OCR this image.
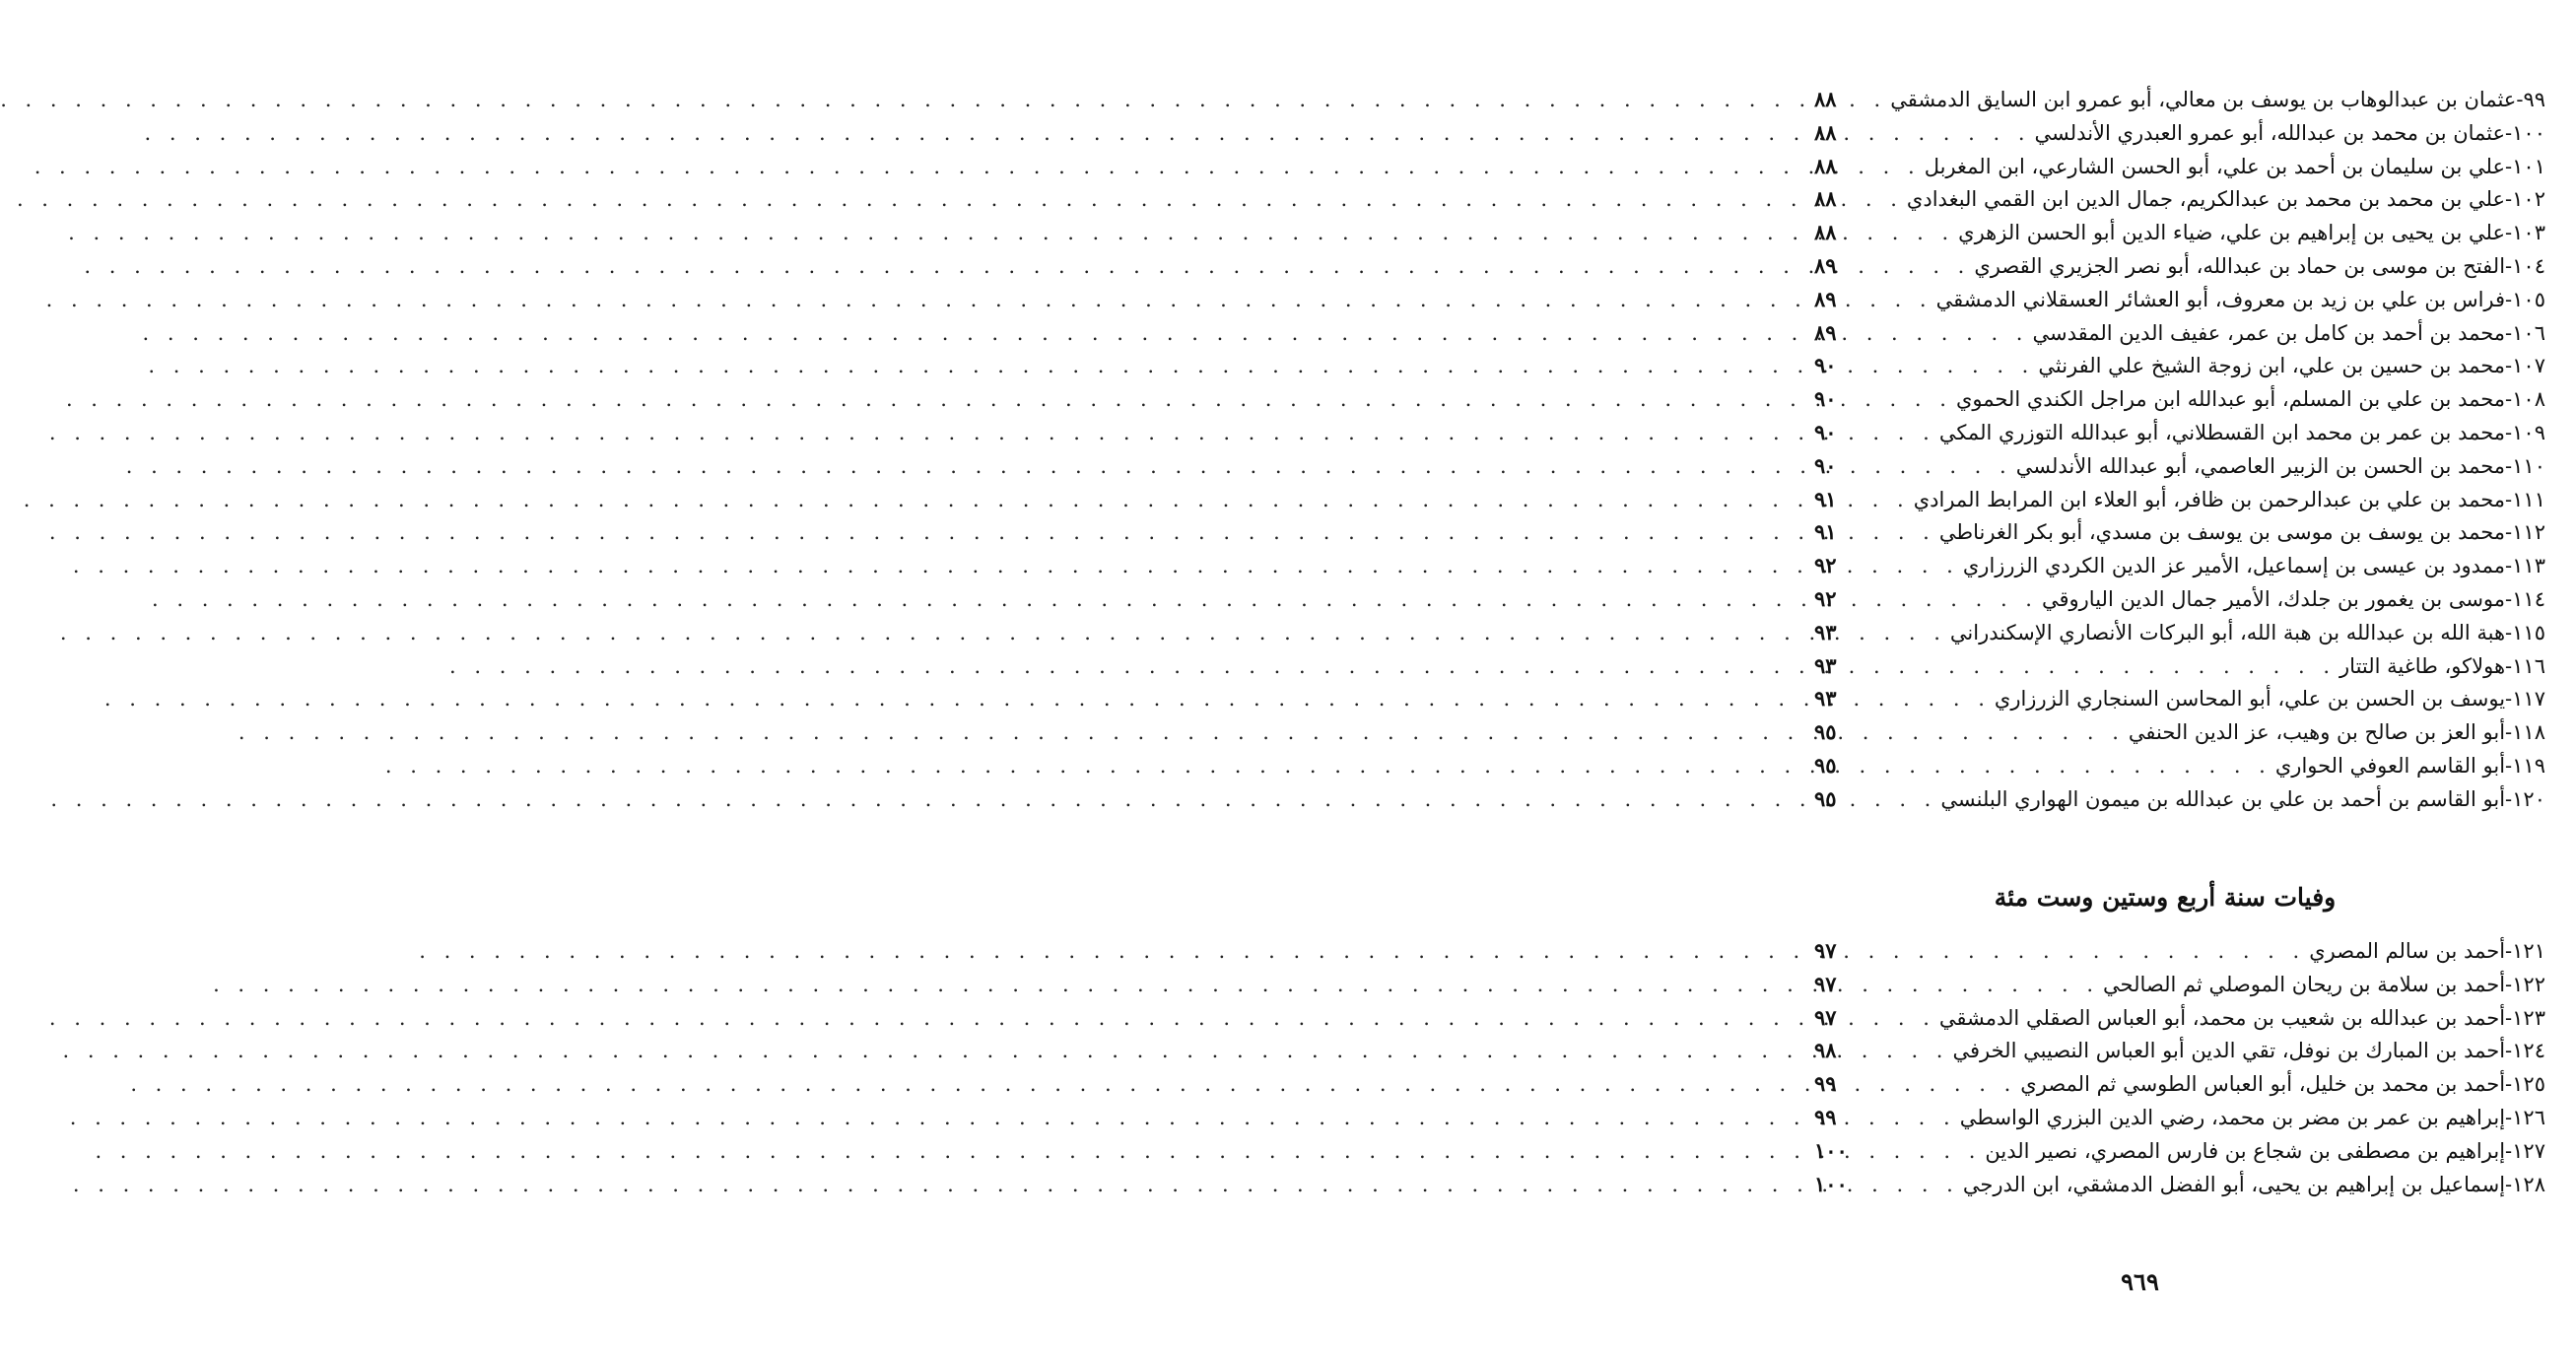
٩٩-
عثمان بن عبدالوهاب بن يوسف بن معالي، أبو عمرو ابن السايق الدمشقي
. . .
٨٨
١٠٠-
عثمان بن محمد بن عبدالله، أبو عمرو العبدري الأندلسي
. . .
٨٨
١٠١-
علي بن سليمان بن أحمد بن علي، أبو الحسن الشارعي، ابن المغربل
. . .
٨٨
١٠٢-
علي بن محمد بن محمد بن عبدالكريم، جمال الدين ابن القمي البغدادي
. . .
٨٨
١٠٣-
علي بن يحيى بن إبراهيم بن علي، ضياء الدين أبو الحسن الزهري
. . .
٨٨
١٠٤-
الفتح بن موسى بن حماد بن عبدالله، أبو نصر الجزيري القصري
. . .
٨٩
١٠٥-
فراس بن علي بن زيد بن معروف، أبو العشائر العسقلاني الدمشقي
. . .
٨٩
١٠٦-
محمد بن أحمد بن كامل بن عمر، عفيف الدين المقدسي
. . .
٨٩
١٠٧-
محمد بن حسين بن علي، ابن زوجة الشيخ علي الفرنثي
. . .
٩٠
١٠٨-
محمد بن علي بن المسلم، أبو عبدالله ابن مراجل الكندي الحموي
. . .
٩٠
١٠٩-
محمد بن عمر بن محمد ابن القسطلاني، أبو عبدالله التوزري المكي
. . .
٩٠
١١٠-
محمد بن الحسن بن الزبير العاصمي، أبو عبدالله الأندلسي
. . .
٩٠
١١١-
محمد بن علي بن عبدالرحمن بن ظافر، أبو العلاء ابن المرابط المرادي
. . .
٩١
١١٢-
محمد بن يوسف بن موسى بن يوسف بن مسدي، أبو بكر الغرناطي
. . .
٩١
١١٣-
ممدود بن عيسى بن إسماعيل، الأمير عز الدين الكردي الزرزاري
. . .
٩٢
١١٤-
موسى بن يغمور بن جلدك، الأمير جمال الدين الياروقي
. . .
٩٢
١١٥-
هبة الله بن عبدالله بن هبة الله، أبو البركات الأنصاري الإسكندراني
. . .
٩٣
١١٦-
هولاكو، طاغية التتار
. . .
٩٣
١١٧-
يوسف بن الحسن بن علي، أبو المحاسن السنجاري الزرزاري
. . .
٩٣
١١٨-
أبو العز بن صالح بن وهيب، عز الدين الحنفي
. . .
٩٥
١١٩-
أبو القاسم العوفي الحواري
. . .
٩٥
١٢٠-
أبو القاسم بن أحمد بن علي بن عبدالله بن ميمون الهواري البلنسي
. . .
٩٥
وفيات سنة أربع وستين وست مئة
١٢١-
أحمد بن سالم المصري
. . .
٩٧
١٢٢-
أحمد بن سلامة بن ريحان الموصلي ثم الصالحي
. . .
٩٧
١٢٣-
أحمد بن عبدالله بن شعيب بن محمد، أبو العباس الصقلي الدمشقي
. . .
٩٧
١٢٤-
أحمد بن المبارك بن نوفل، تقي الدين أبو العباس النصيبي الخرفي
. . .
٩٨
١٢٥-
أحمد بن محمد بن خليل، أبو العباس الطوسي ثم المصري
. . .
٩٩
١٢٦-
إبراهيم بن عمر بن مضر بن محمد، رضي الدين البزري الواسطي
. . .
٩٩
١٢٧-
إبراهيم بن مصطفى بن شجاع بن فارس المصري، نصير الدين
. . .
١٠٠
١٢٨-
إسماعيل بن إبراهيم بن يحيى، أبو الفضل الدمشقي، ابن الدرجي
. . .
١٠٠
٩٦٩
